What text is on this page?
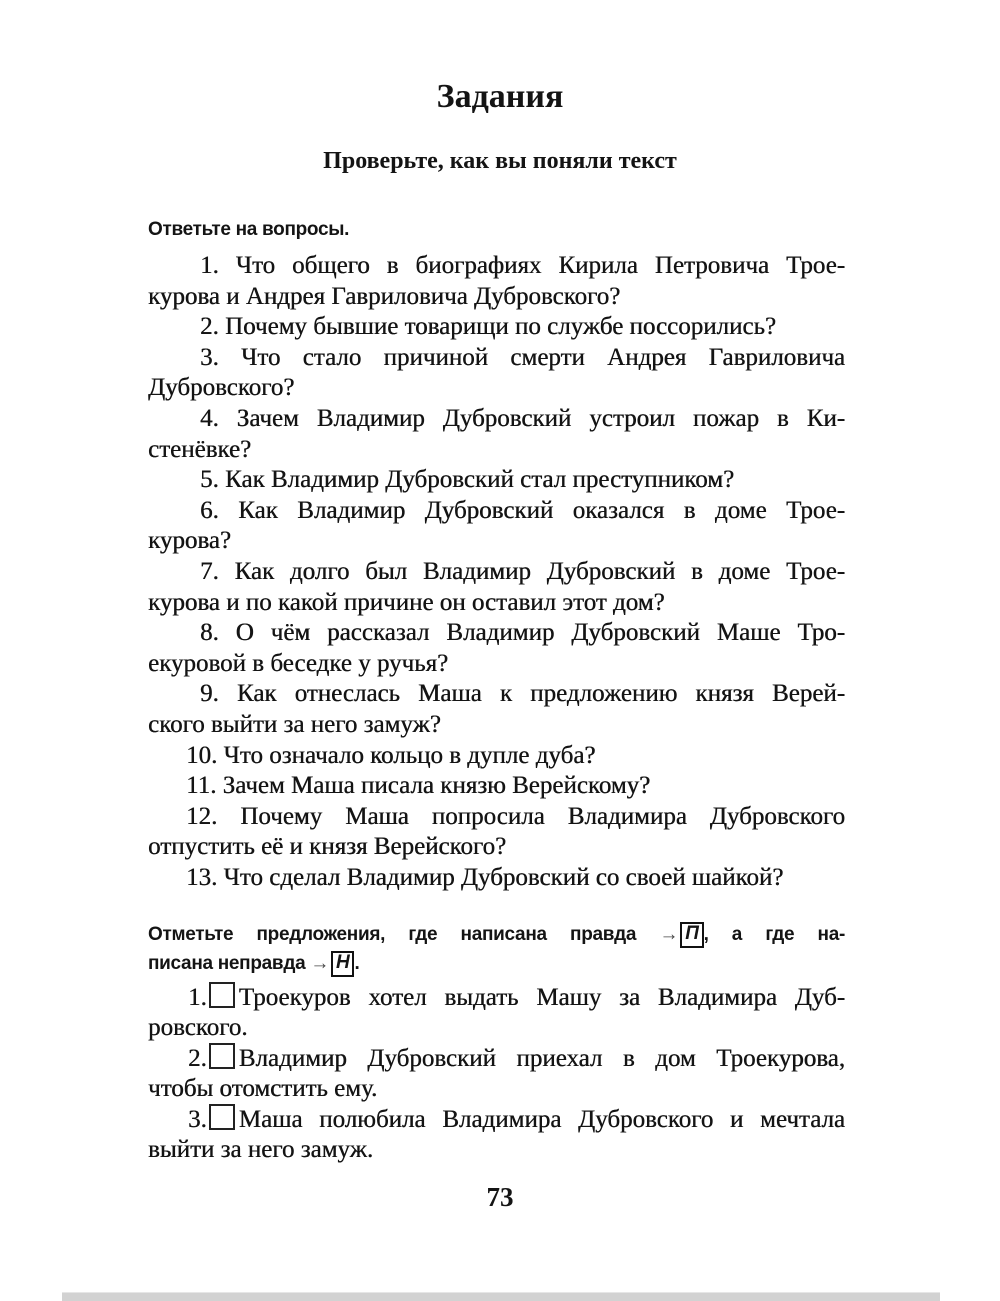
Задания
Проверьте, как вы поняли текст
Ответьте на вопросы.
1. Что общего в биографиях Кирила Петровича Трое-
курова и Андрея Гавриловича Дубровского?
2. Почему бывшие товарищи по службе поссорились?
3. Что стало причиной смерти Андрея Гавриловича
Дубровского?
4. Зачем Владимир Дубровский устроил пожар в Ки-
стенёвке?
5. Как Владимир Дубровский стал преступником?
6. Как Владимир Дубровский оказался в доме Трое-
курова?
7. Как долго был Владимир Дубровский в доме Трое-
курова и по какой причине он оставил этот дом?
8. О чём рассказал Владимир Дубровский Маше Тро-
екуровой в беседке у ручья?
9. Как отнеслась Маша к предложению князя Верей-
ского выйти за него замуж?
10. Что означало кольцо в дупле дуба?
11. Зачем Маша писала князю Верейскому?
12. Почему Маша попросила Владимира Дубровского
отпустить её и князя Верейского?
13. Что сделал Владимир Дубровский со своей шайкой?
Отметьте предложения, где написана правда → П , а где на-
писана неправда → Н .
1. Троекуров хотел выдать Машу за Владимира Дуб-
ровского.
2. Владимир Дубровский приехал в дом Троекурова,
чтобы отомстить ему.
3. Маша полюбила Владимира Дубровского и мечтала
выйти за него замуж.
73
